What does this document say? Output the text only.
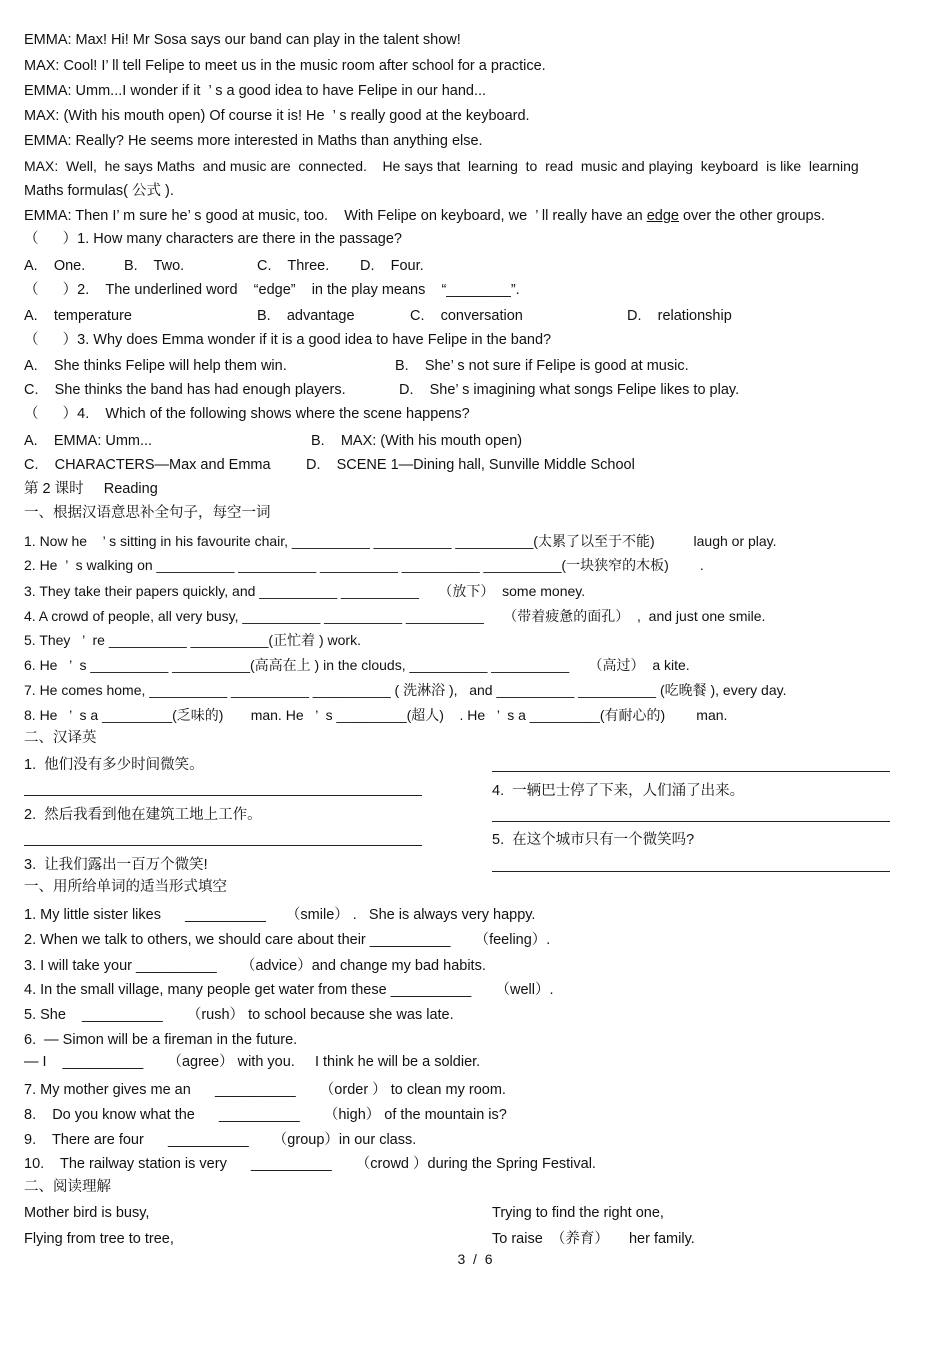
EMMA: Max! Hi! Mr Sosa says our band can play in the talent show!
MAX: Cool! I’ ll tell Felipe to meet us in the music room after school for a practice.
EMMA: Umm...I wonder if it  ’ s a good idea to have Felipe in our hand...
MAX: (With his mouth open) Of course it is! He  ’ s really good at the keyboard.
EMMA: Really? He seems more interested in Maths than anything else.
MAX:  Well,  he says Maths  and music are  connected.    He says that  learning  to  read  music and playing  keyboard  is like  learning
Maths formulas( 公式 ).
EMMA: Then I’ m sure he’ s good at music, too.    With Felipe on keyboard, we  ’ ll really have an edge over the other groups.
（      ）1. How many characters are there in the passage?
A.    One.	B.    Two.	C.    Three. D.    Four.
（      ）2.    The underlined word    “edge”    in the play means    “________”.
A.    temperature	B.    advantage	C.    conversation	D.    relationship
（      ）3. Why does Emma wonder if it is a good idea to have Felipe in the band?
A.    She thinks Felipe will help them win.	B.    She’ s not sure if Felipe is good at music.
C.    She thinks the band has had enough players.	D.    She’ s imagining what songs Felipe likes to play.
（      ）4.    Which of the following shows where the scene happens?
A.    EMMA: Umm...	B.    MAX: (With his mouth open)
C.    CHARACTERS—Max and Emma D.    SCENE 1—Dining hall, Sunville Middle School
第 2 课时     Reading
一、根据汉语意思补全句子，每空一词
1. Now he    ’ s sitting in his favourite chair, __________ __________ __________(太累了以至于不能)          laugh or play.
2. He  ’  s walking on __________ __________ __________ __________ __________(一块狭窄的木板)        .
3. They take their papers quickly, and __________ __________     （放下）  some money.
4. A crowd of people, all very busy, __________ __________ __________     （带着疲惫的面孔）  ,  and just one smile.
5. They   ’  re __________ __________(正忙着 ) work.
6. He   ’  s __________ __________(高高在上 ) in the clouds, __________ __________     （高过）  a kite.
7. He comes home, __________ __________ __________ ( 洗淋浴 ),   and __________ __________ (吃晚餐 ), every day.
8. He   ’  s a _________(乏味的)       man. He   ’  s _________(超人)    . He   ’  s a _________(有耐心的)        man.
二、汉译英
1.  他们没有多少时间微笑。
4.  一辆巴士停了下来，人们涌了出来。
2.  然后我看到他在建筑工地上工作。
5.  在这个城市只有一个微笑吗?
3.  让我们露出一百万个微笑!
一、用所给单词的适当形式填空
1. My little sister likes      __________     （smile） .   She is always very happy.
2. When we talk to others, we should care about their __________      （feeling）.
3. I will take your __________      （advice）and change my bad habits.
4. In the small village, many people get water from these __________      （well）.
5. She    __________      （rush） to school because she was late.
6.  — Simon will be a fireman in the future.
— I    __________      （agree） with you.     I think he will be a soldier.
7. My mother gives me an      __________      （order ） to clean my room.
8.    Do you know what the      __________      （high） of the mountain is?
9.    There are four      __________      （group）in our class.
10.    The railway station is very      __________      （crowd ）during the Spring Festival.
二、阅读理解
Mother bird is busy,	Trying to find the right one,
Flying from tree to tree,	To raise  （养育）     her family.
3  /  6
